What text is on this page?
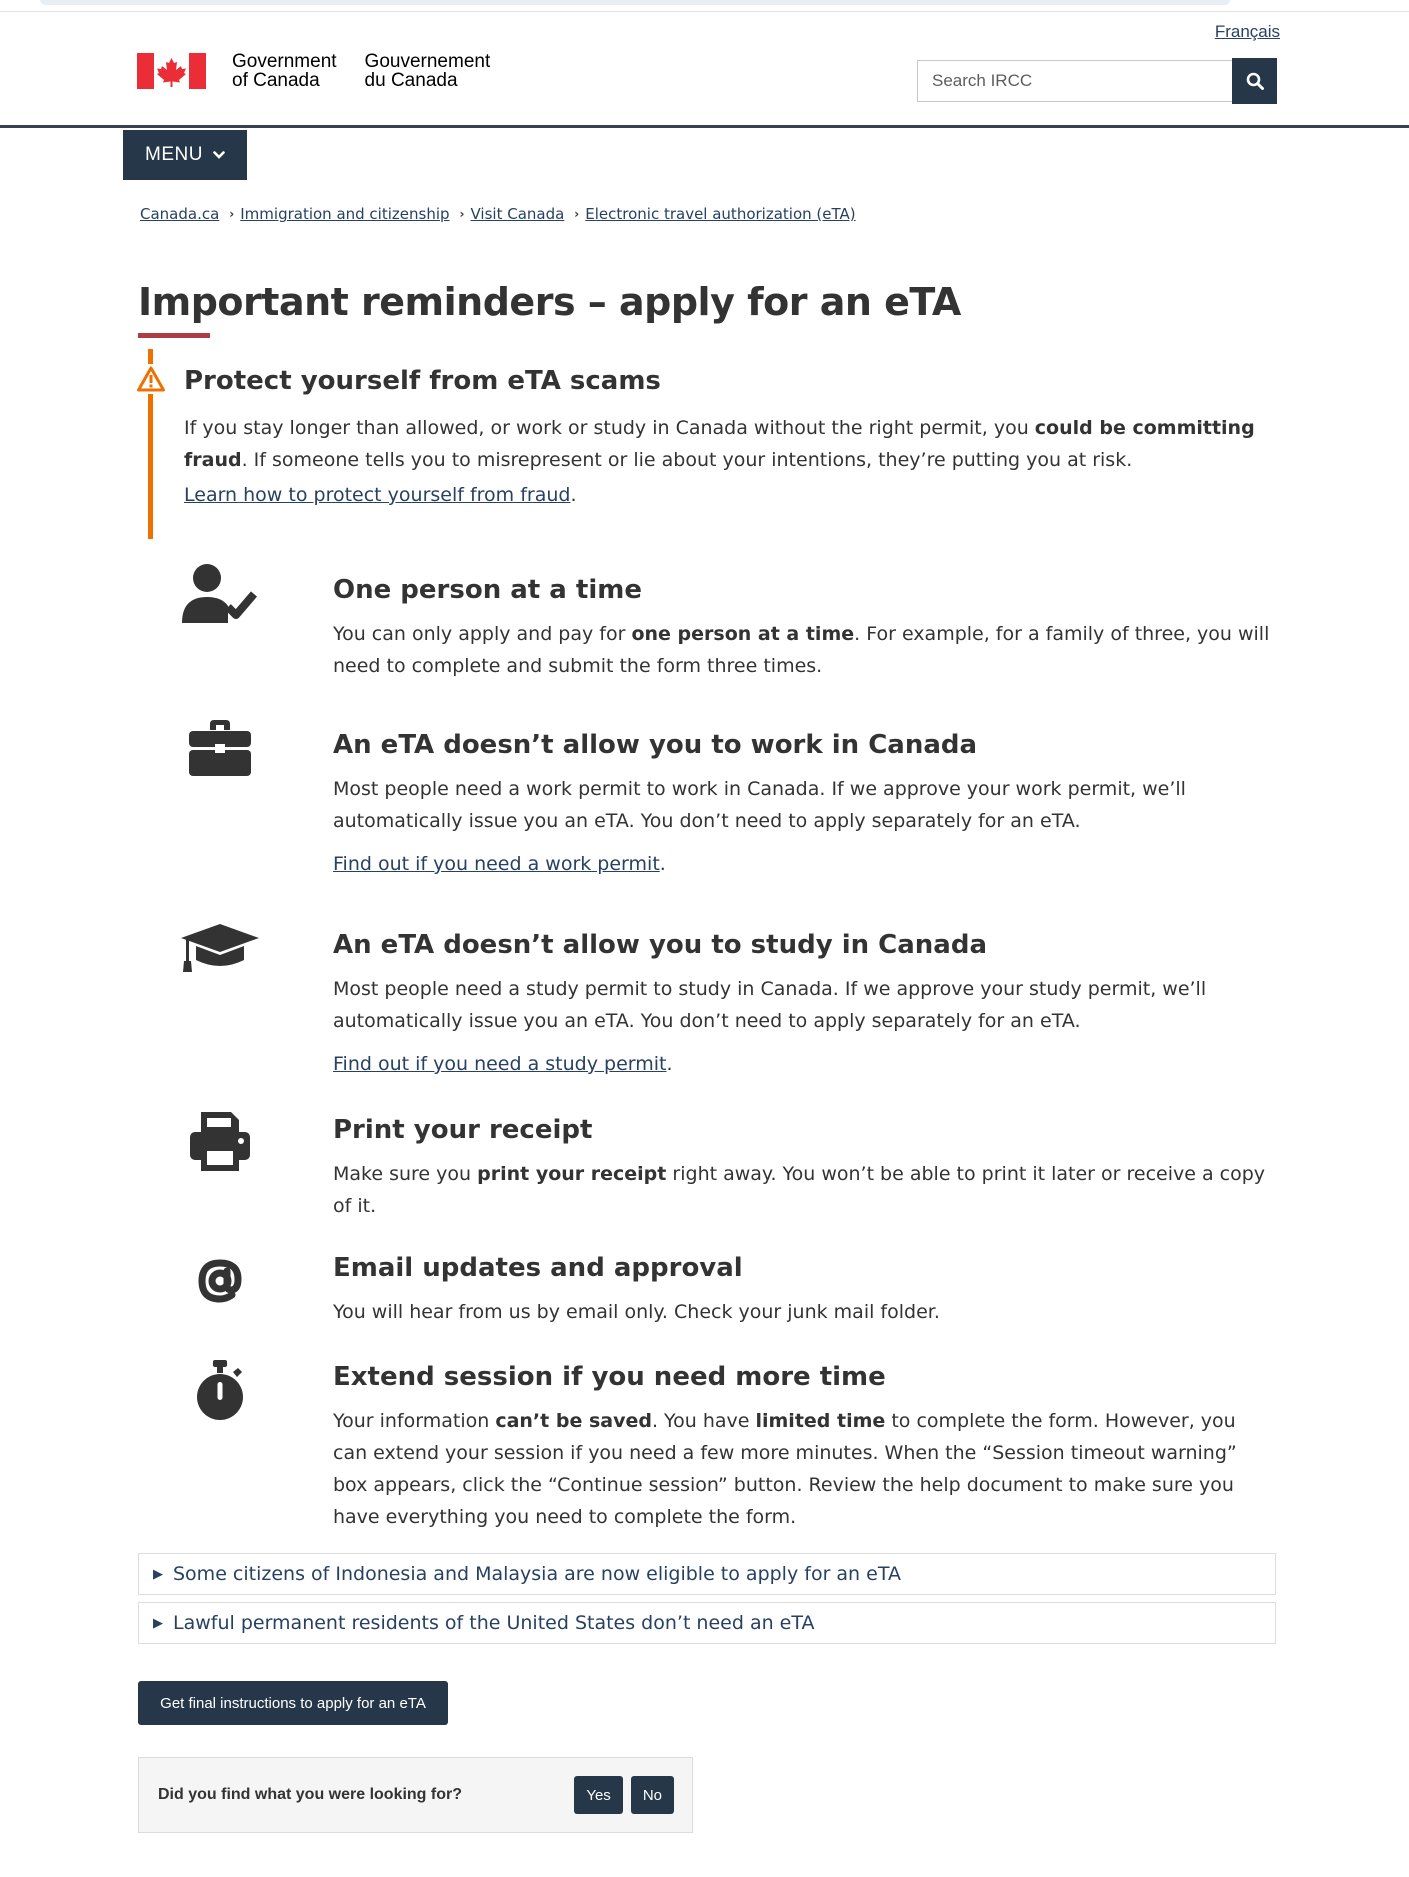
Français
Government
of Canada
Gouvernement
du Canada
Search IRCC
MENU
Canada.ca › Immigration and citizenship › Visit Canada › Electronic travel authorization (eTA)
Important reminders – apply for an eTA
Protect yourself from eTA scams

If you stay longer than allowed, or work or study in Canada without the right permit, you could be committing fraud. If someone tells you to misrepresent or lie about your intentions, they’re putting you at risk.

Learn how to protect yourself from fraud.
One person at a time

You can only apply and pay for one person at a time. For example, for a family of three, you will need to complete and submit the form three times.

An eTA doesn’t allow you to work in Canada

Most people need a work permit to work in Canada. If we approve your work permit, we’ll automatically issue you an eTA. You don’t need to apply separately for an eTA.

Find out if you need a work permit.
An eTA doesn’t allow you to study in Canada

Most people need a study permit to study in Canada. If we approve your study permit, we’ll automatically issue you an eTA. You don’t need to apply separately for an eTA.

Find out if you need a study permit.
Print your receipt

Make sure you print your receipt right away. You won’t be able to print it later or receive a copy of it.

Email updates and approval

You will hear from us by email only. Check your junk mail folder.

Extend session if you need more time

Your information can’t be saved. You have limited time to complete the form. However, you can extend your session if you need a few more minutes. When the “Session timeout warning” box appears, click the “Continue session” button. Review the help document to make sure you have everything you need to complete the form.

▶ Some citizens of Indonesia and Malaysia are now eligible to apply for an eTA
▶ Lawful permanent residents of the United States don’t need an eTA
Get final instructions to apply for an eTA
Did you find what you were looking for?	Yes	No
